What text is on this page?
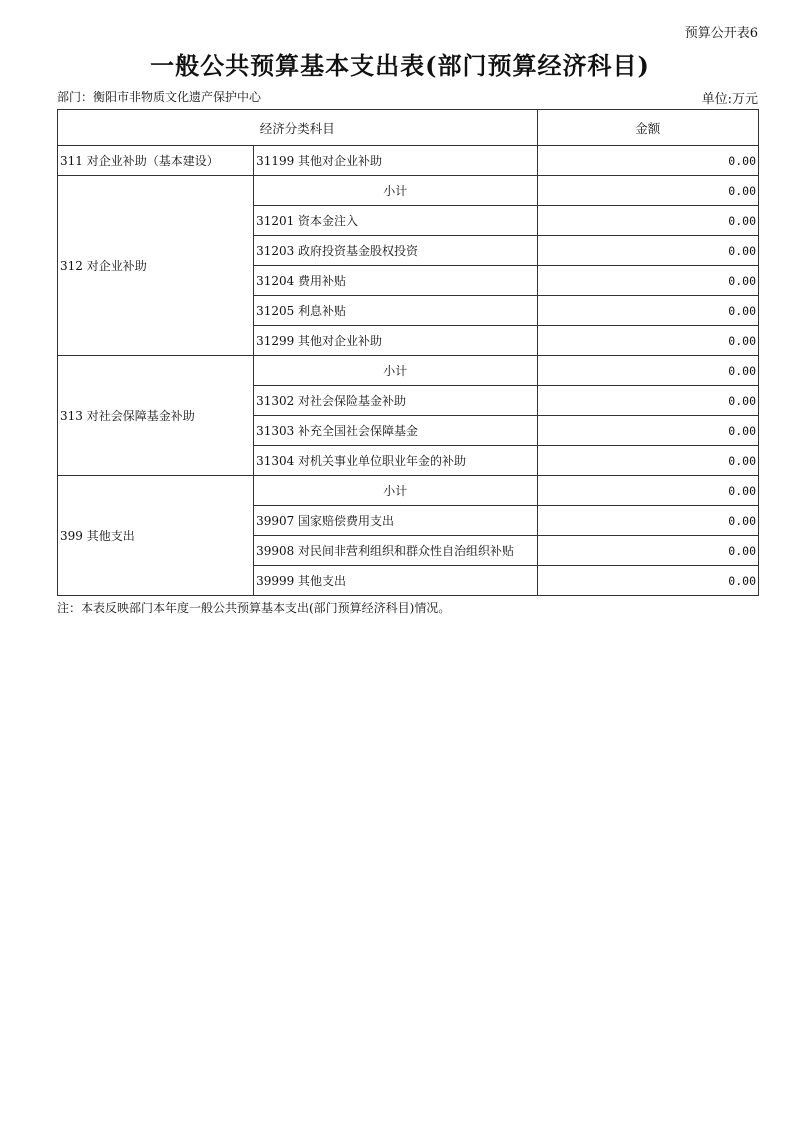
预算公开表6
一般公共预算基本支出表(部门预算经济科目)
部门：衡阳市非物质文化遗产保护中心	单位:万元
经济分类科目		金额
311 对企业补助（基本建设）	31199 其他对企业补助	0.00
312 对企业补助	小计	0.00
	31201 资本金注入	0.00
	31203 政府投资基金股权投资	0.00
	31204 费用补贴	0.00
	31205 利息补贴	0.00
	31299 其他对企业补助	0.00
313 对社会保障基金补助	小计	0.00
	31302 对社会保险基金补助	0.00
	31303 补充全国社会保障基金	0.00
	31304 对机关事业单位职业年金的补助	0.00
399 其他支出	小计	0.00
	39907 国家赔偿费用支出	0.00
	39908 对民间非营利组织和群众性自治组织补贴	0.00
	39999 其他支出	0.00
注：本表反映部门本年度一般公共预算基本支出(部门预算经济科目)情况。
